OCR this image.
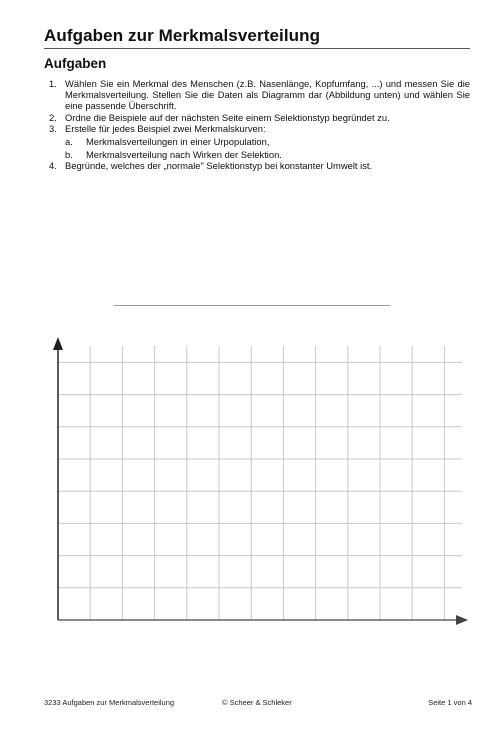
Aufgaben zur Merkmalsverteilung
Aufgaben
1. Wählen Sie ein Merkmal des Menschen (z.B. Nasenlänge, Kopfumfang, ...) und messen Sie die Merkmalsverteilung. Stellen Sie die Daten als Diagramm dar (Abbildung unten) und wählen Sie eine passende Überschrift.
2. Ordne die Beispiele auf der nächsten Seite einem Selektionstyp begründet zu.
3. Erstelle für jedes Beispiel zwei Merkmalskurven:
a. Merkmalsverteilungen in einer Urpopulation,
b. Merkmalsverteilung nach Wirken der Selektion.
4. Begründe, welches der „normale" Selektionstyp bei konstanter Umwelt ist.
3233 Aufgaben zur Merkmalsverteilung	© Scheer & Schleker	Seite 1 von 4
